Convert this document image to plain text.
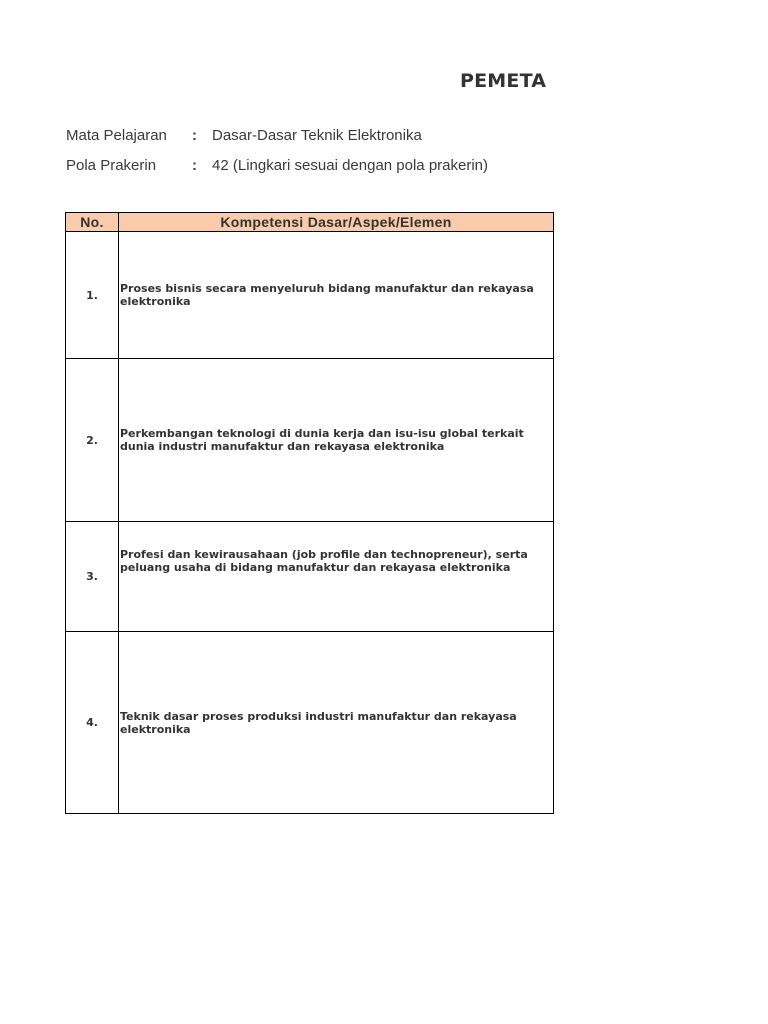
PEMETA
Mata Pelajaran : Dasar-Dasar Teknik Elektronika
Pola Prakerin : 42 (Lingkari sesuai dengan pola prakerin)
No.	Kompetensi Dasar/Aspek/Elemen
1.	Proses bisnis secara menyeluruh bidang manufaktur dan rekayasa elektronika
2.	Perkembangan teknologi di dunia kerja dan isu-isu global terkait dunia industri manufaktur dan rekayasa elektronika
3.	Profesi dan kewirausahaan (job profile dan technopreneur), serta peluang usaha di bidang manufaktur dan rekayasa elektronika
4.	Teknik dasar proses produksi industri manufaktur dan rekayasa elektronika
